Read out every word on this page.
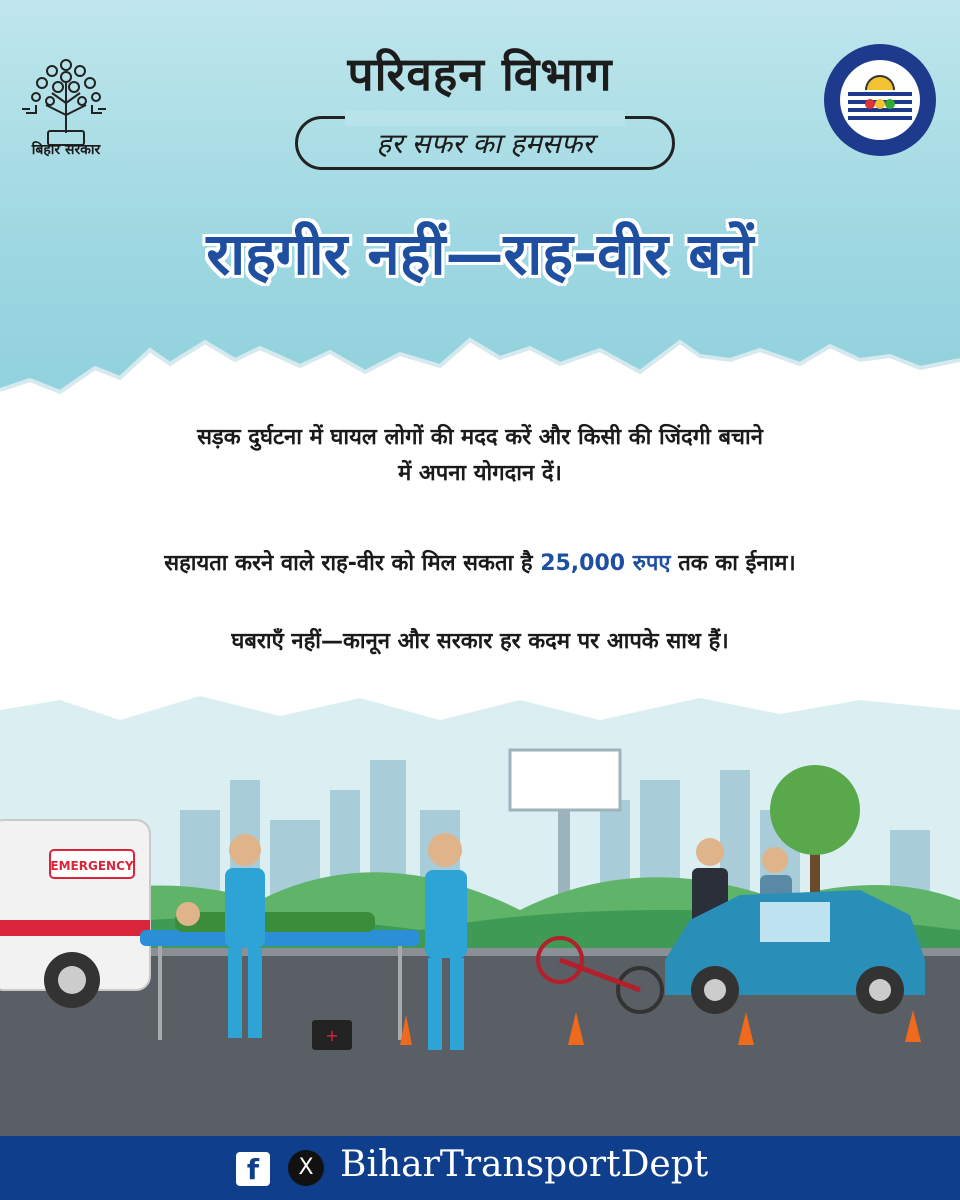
बिहार सरकार
परिवहन विभाग
हर सफर का हमसफर
राहगीर नहीं—राह-वीर बनें
सड़क दुर्घटना में घायल लोगों की मदद करें और किसी की जिंदगी बचाने
में अपना योगदान दें।
सहायता करने वाले राह-वीर को मिल सकता है 25,000 रुपए तक का ईनाम।
घबराएँ नहीं—कानून और सरकार हर कदम पर आपके साथ हैं।
EMERGENCY
+
f	X BiharTransportDept
